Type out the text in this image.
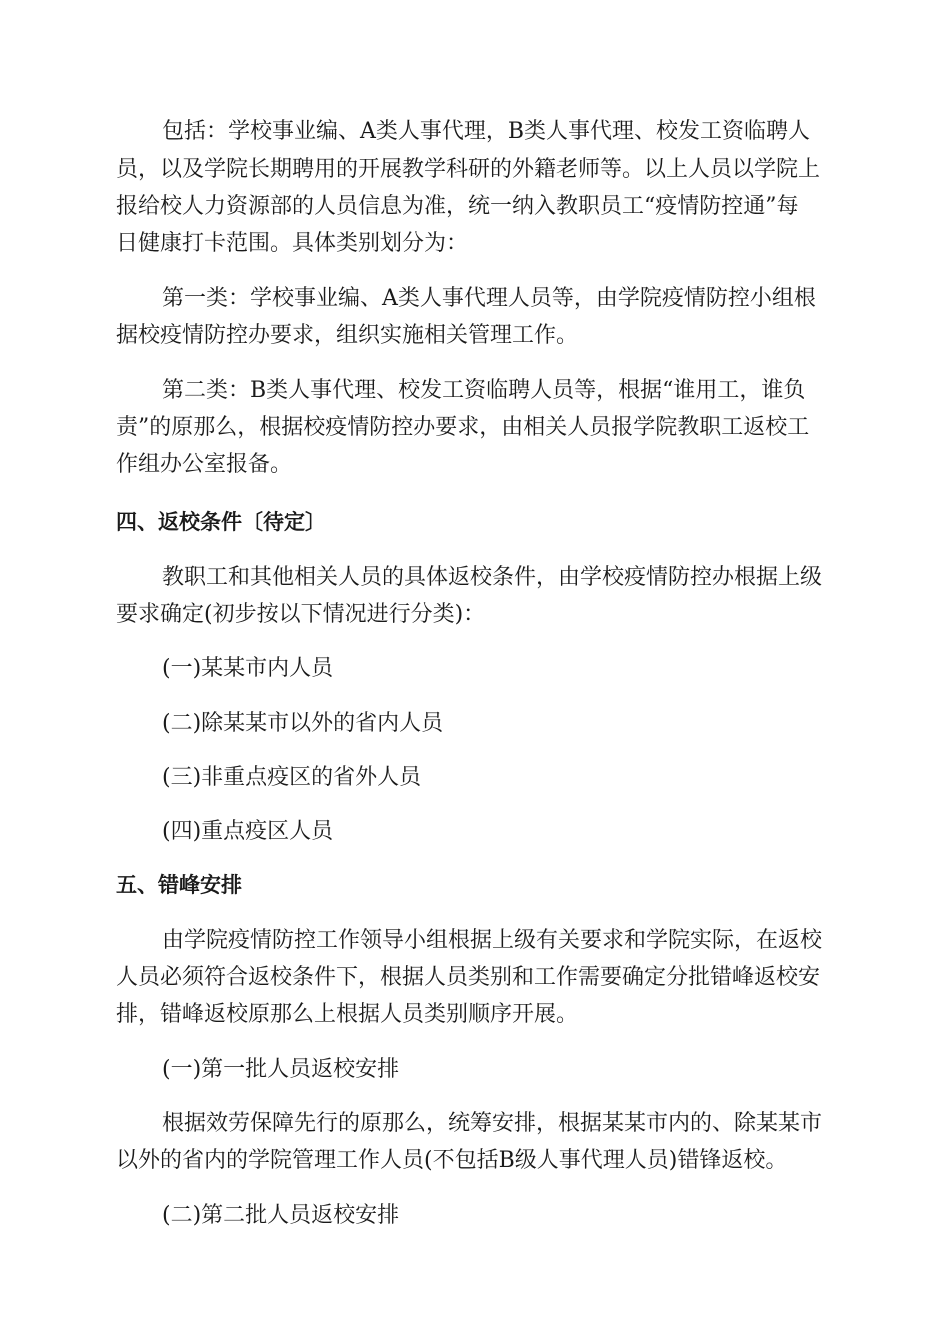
包括：学校事业编、A类人事代理，B类人事代理、校发工资临聘人
员，以及学院长期聘用的开展教学科研的外籍老师等。以上人员以学院上
报给校人力资源部的人员信息为准，统一纳入教职员工“疫情防控通”每
日健康打卡范围。具体类别划分为：
第一类：学校事业编、A类人事代理人员等，由学院疫情防控小组根
据校疫情防控办要求，组织实施相关管理工作。
第二类：B类人事代理、校发工资临聘人员等，根据“谁用工，谁负
责”的原那么，根据校疫情防控办要求，由相关人员报学院教职工返校工
作组办公室报备。
四、返校条件〔待定〕
教职工和其他相关人员的具体返校条件，由学校疫情防控办根据上级
要求确定(初步按以下情况进行分类)：
(一)某某市内人员
(二)除某某市以外的省内人员
(三)非重点疫区的省外人员
(四)重点疫区人员
五、错峰安排
由学院疫情防控工作领导小组根据上级有关要求和学院实际，在返校
人员必须符合返校条件下，根据人员类别和工作需要确定分批错峰返校安
排，错峰返校原那么上根据人员类别顺序开展。
(一)第一批人员返校安排
根据效劳保障先行的原那么，统筹安排，根据某某市内的、除某某市
以外的省内的学院管理工作人员(不包括B级人事代理人员)错锋返校。
(二)第二批人员返校安排
